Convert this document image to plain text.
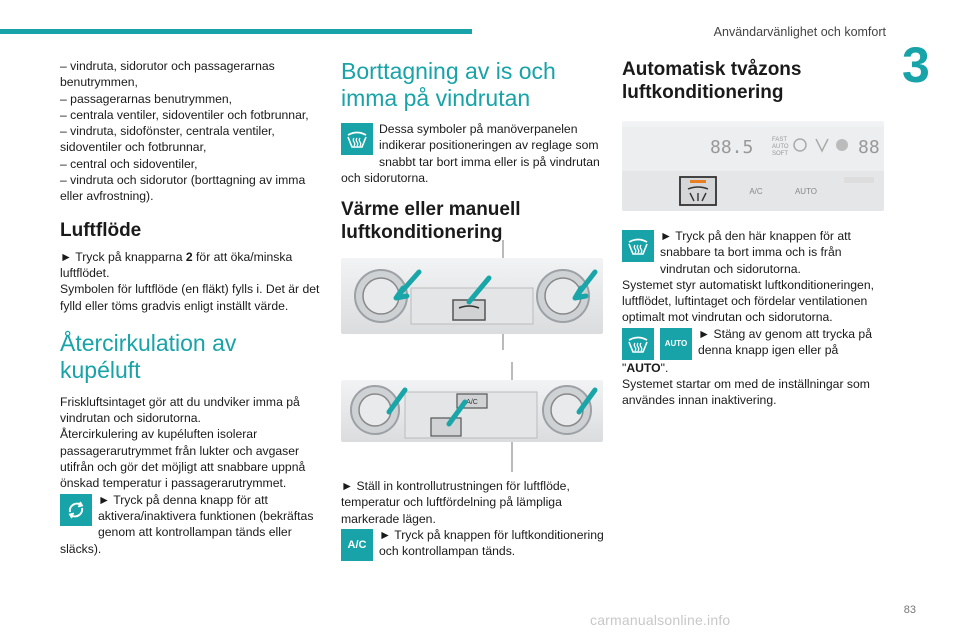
Användarvänlighet och komfort
3
83
carmanualsonline.info

– vindruta, sidorutor och passagerarnas benutrymmen,

– passagerarnas benutrymmen,

– centrala ventiler, sidoventiler och fotbrunnar,

– vindruta, sidofönster, centrala ventiler, sidoventiler och fotbrunnar,

– central och sidoventiler,

– vindruta och sidorutor (borttagning av imma eller avfrostning).

Luftflöde

► Tryck på knapparna 2 för att öka/minska luftflödet.

Symbolen för luftflöde (en fläkt) fylls i. Det är det fylld eller töms gradvis enligt inställt värde.

Återcirkulation av kupéluft

Friskluftsintaget gör att du undviker imma på vindrutan och sidorutorna.

Återcirkulering av kupéluften isolerar passagerarutrymmet från lukter och avgaser utifrån och gör det möjligt att snabbare uppnå önskad temperatur i passagerarutrymmet.

► Tryck på denna knapp för att aktivera/inaktivera funktionen (bekräftas genom att kontrollampan tänds eller släcks).

Borttagning av is och imma på vindrutan

Dessa symboler på manöverpanelen indikerar positioneringen av reglage som snabbt tar bort imma eller is på vindrutan och sidorutorna.

Värme eller manuell luftkonditionering
A/C

► Ställ in kontrollutrustningen för luftflöde, temperatur och luftfördelning på lämpliga markerade lägen.

A/C

► Tryck på knappen för luftkonditionering och kontrollampan tänds.

Automatisk tvåzons luftkonditionering
88.5	FAST
AUTO
SOFT	88
A/C	AUTO

► Tryck på den här knappen för att snabbare ta bort imma och is från vindrutan och sidorutorna.

Systemet styr automatiskt luftkonditioneringen, luftflödet, luftintaget och fördelar ventilationen optimalt mot vindrutan och sidorutorna.

AUTO

► Stäng av genom att trycka på denna knapp igen eller på

"AUTO".

Systemet startar om med de inställningar som användes innan inaktivering.
